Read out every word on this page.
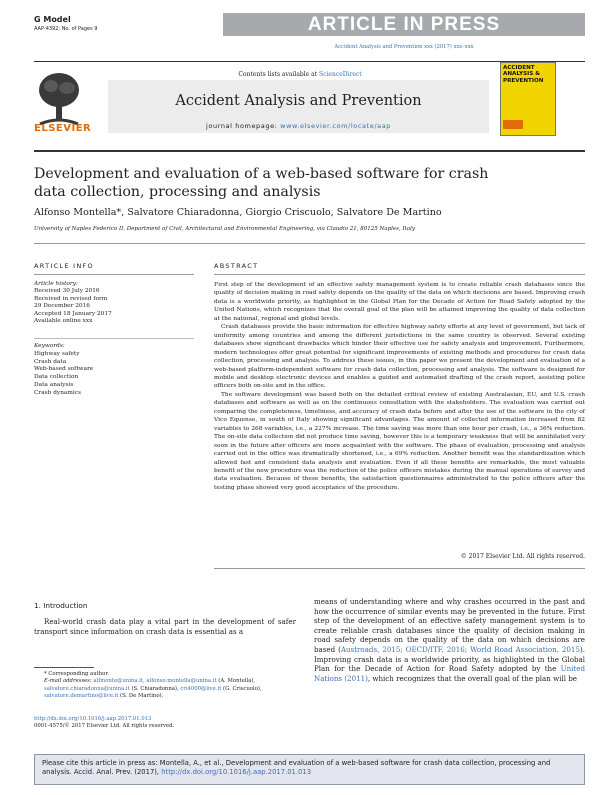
G Model
AAP-4392; No. of Pages 9	ARTICLE IN PRESS
Accident Analysis and Prevention xxx (2017) xxx–xxx
ELSEVIER
Contents lists available at ScienceDirect
Accident Analysis and Prevention
journal homepage: www.elsevier.com/locate/aap
ACCIDENT ANALYSIS & PREVENTION
Development and evaluation of a web-based software for crash data collection, processing and analysis
Alfonso Montella*, Salvatore Chiaradonna, Giorgio Criscuolo, Salvatore De Martino
University of Naples Federico II, Department of Civil, Architectural and Environmental Engineering, via Claudio 21, 80125 Naples, Italy
ARTICLE INFO	ABSTRACT
Article history:
Received 30 July 2016
Received in revised form
29 December 2016
Accepted 18 January 2017
Available online xxx
Keywords:
Highway safety
Crash data
Web-based software
Data collection
Data analysis
Crash dynamics

First step of the development of an effective safety management system is to create reliable crash databases since the quality of decision making in road safety depends on the quality of the data on which decisions are based. Improving crash data is a worldwide priority, as highlighted in the Global Plan for the Decade of Action for Road Safety adopted by the United Nations, which recognizes that the overall goal of the plan will be attained improving the quality of data collection at the national, regional and global levels.

Crash databases provide the basic information for effective highway safety efforts at any level of government, but lack of uniformity among countries and among the different jurisdictions in the same country is observed. Several existing databases show significant drawbacks which hinder their effective use for safety analysis and improvement. Furthermore, modern technologies offer great potential for significant improvements of existing methods and procedures for crash data collection, processing and analysis. To address these issues, in this paper we present the development and evaluation of a web-based platform-independent software for crash data collection, processing and analysis. The software is designed for mobile and desktop electronic devices and enables a guided and automated drafting of the crash report, assisting police officers both on-site and in the office.

The software development was based both on the detailed critical review of existing Australasian, EU, and U.S. crash databases and software as well as on the continuous consultation with the stakeholders. The evaluation was carried out comparing the completeness, timeliness, and accuracy of crash data before and after the use of the software in the city of Vico Equense, in south of Italy showing significant advantages. The amount of collected information increased from 82 variables to 268 variables, i.e., a 227% increase. The time saving was more than one hour per crash, i.e., a 36% reduction. The on-site data collection did not produce time saving, however this is a temporary weakness that will be annihilated very soon in the future after officers are more acquainted with the software. The phase of evaluation, processing and analysis carried out in the office was dramatically shortened, i.e., a 69% reduction. Another benefit was the standardization which allowed fast and consistent data analysis and evaluation. Even if all these benefits are remarkable, the most valuable benefit of the new procedure was the reduction of the police officers mistakes during the manual operations of survey and data evaluation. Because of these benefits, the satisfaction questionnaires administrated to the police officers after the testing phase showed very good acceptance of the procedure.

© 2017 Elsevier Ltd. All rights reserved.
1. Introduction
Real-world crash data play a vital part in the development of safer transport since information on crash data is essential as a
means of understanding where and why crashes occurred in the past and how the occurrence of similar events may be prevented in the future. First step of the development of an effective safety management system is to create reliable crash databases since the quality of decision making in road safety depends on the quality of the data on which decisions are based (Austroads, 2015; OECD/ITF, 2016; World Road Association, 2015). Improving crash data is a worldwide priority, as highlighted in the Global Plan for the Decade of Action for Road Safety adopted by the United Nations (2011), which recognizes that the overall goal of the plan will be
* Corresponding author.
E-mail addresses: alfmonte@unina.it, alfonso.montella@unina.it (A. Montella), salvatore.chiaradonna@unina.it (S. Chiaradonna), cri4000@live.it (G. Criscuolo), salvatore.demartino@live.it (S. De Martino).
http://dx.doi.org/10.1016/j.aap.2017.01.013
0001-4575/© 2017 Elsevier Ltd. All rights reserved.
Please cite this article in press as: Montella, A., et al., Development and evaluation of a web-based software for crash data collection, processing and analysis. Accid. Anal. Prev. (2017), http://dx.doi.org/10.1016/j.aap.2017.01.013
